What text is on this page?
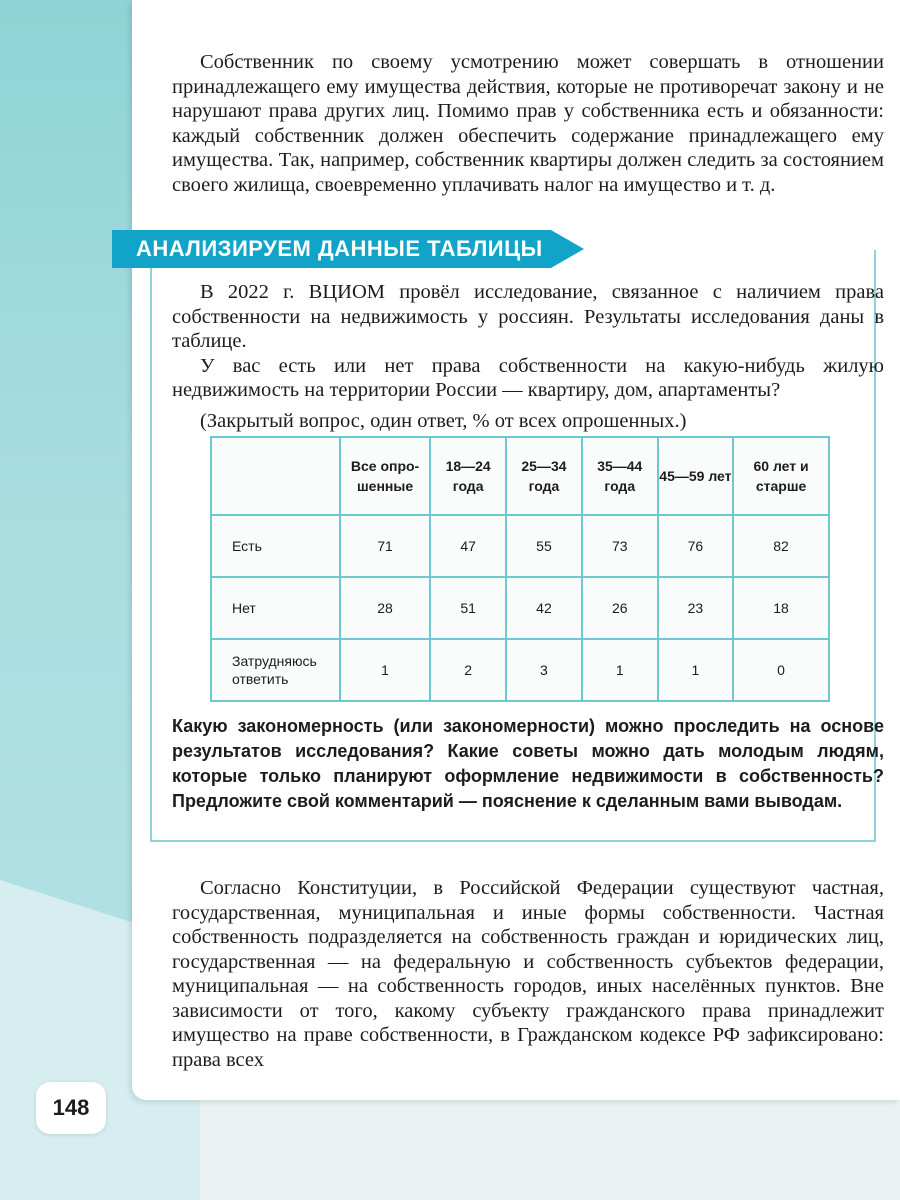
Собственник по своему усмотрению может совершать в отношении принадлежащего ему имущества действия, которые не противоречат закону и не нарушают права других лиц. Помимо прав у собственника есть и обязанности: каждый собственник должен обеспечить содержание принадлежащего ему имущества. Так, например, собственник квартиры должен следить за состоянием своего жилища, своевременно уплачивать налог на имущество и т. д.

АНАЛИЗИРУЕМ ДАННЫЕ ТАБЛИЦЫ

В 2022 г. ВЦИОМ провёл исследование, связанное с наличием права собственности на недвижимость у россиян. Результаты исследования даны в таблице.

У вас есть или нет права собственности на какую-нибудь жилую недвижимость на территории России — квартиру, дом, апартаменты?

(Закрытый вопрос, один ответ, % от всех опрошенных.)

	Все опро-шенные	18—24 года	25—34 года	35—44 года	45—59 лет	60 лет и старше
Есть	71	47	55	73	76	82
Нет	28	51	42	26	23	18
Затрудняюсь ответить	1	2	3	1	1	0
Какую закономерность (или закономерности) можно проследить на основе результатов исследования? Какие советы можно дать молодым людям, которые только планируют оформление недвижимости в собственность? Предложите свой комментарий — пояснение к сделанным вами выводам.

Согласно Конституции, в Российской Федерации существуют частная, государственная, муниципальная и иные формы собственности. Частная собственность подразделяется на собственность граждан и юридических лиц, государственная — на федеральную и собственность субъектов федерации, муниципальная — на собственность городов, иных населённых пунктов. Вне зависимости от того, какому субъекту гражданского права принадлежит имущество на праве собственности, в Гражданском кодексе РФ зафиксировано: права всех

148
